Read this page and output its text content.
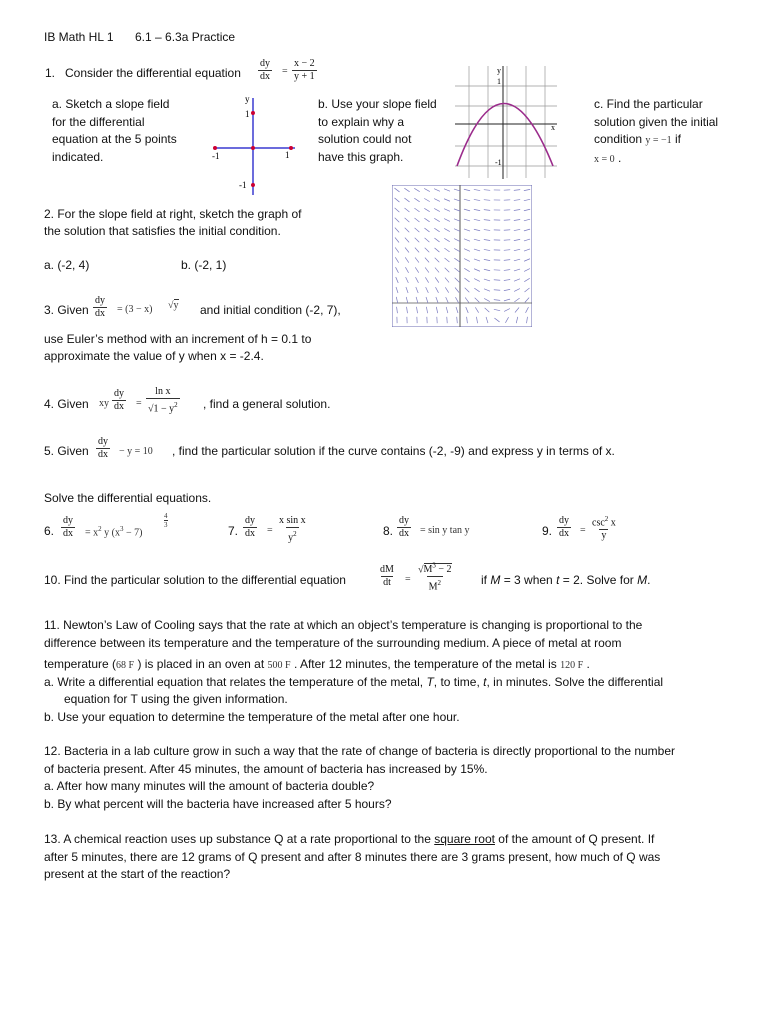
IB Math HL 1 6.1 – 6.3a Practice
1. Consider the differential equation $\frac{dy}{dx} = \frac{x - 2}{y + 1}$
a. Sketch a slope field
for the differential
equation at the 5 points
indicated.
y
1
-1	1
-1
b. Use your slope field
to explain why a
solution could not
have this graph.
y
x
1
-1
c. Find the particular
solution given the initial
condition y = −1 if
x = 0 .
2. For the slope field at right, sketch the graph of
the solution that satisfies the initial condition.
a. (-2, 4)	b. (-2, 1)
3. Given $\frac{dy}{dx} = (3 - x)$ √y and initial condition (-2, 7),
use Euler’s method with an increment of h = 0.1 to
approximate the value of y when x = -2.4.
4. Given xy $\frac{dy}{dx} = \frac{\text{ln x}}{√1 - y^2}$ , find a general solution.
5. Given $\frac{dy}{dx} - y = 10$ , find the particular solution if the curve contains (-2, -9) and express y in terms of x.
Solve the differential equations.
6. $\frac{dy}{dx} = x^2$ y $(x^3 - 7)$
4
3	7. $\frac{dy}{dx} = \frac{\text{x sin x}}{y^2}$	8. $\frac{dy}{dx} = \sin y$ tan y	9. $\frac{dy}{dx}$ =
$\csc^2 x$
y
10. Find the particular solution to the differential equation	$\frac{dM}{dt} = \frac{√M^3 - 2}{M^2}$ if M = 3 when t = 2. Solve for M.
11. Newton’s Law of Cooling says that the rate at which an object’s temperature is changing is proportional to the
difference between its temperature and the temperature of the surrounding medium. A piece of metal at room
temperature (68 F ) is placed in an oven at 500 F . After 12 minutes, the temperature of the metal is 120 F .
a. Write a differential equation that relates the temperature of the metal, T, to time, t, in minutes. Solve the differential
equation for T using the given information.
b. Use your equation to determine the temperature of the metal after one hour.
12. Bacteria in a lab culture grow in such a way that the rate of change of bacteria is directly proportional to the number
of bacteria present. After 45 minutes, the amount of bacteria has increased by 15%.
a. After how many minutes will the amount of bacteria double?
b. By what percent will the bacteria have increased after 5 hours?
13. A chemical reaction uses up substance Q at a rate proportional to the square root of the amount of Q present. If
after 5 minutes, there are 12 grams of Q present and after 8 minutes there are 3 grams present, how much of Q was
present at the start of the reaction?
